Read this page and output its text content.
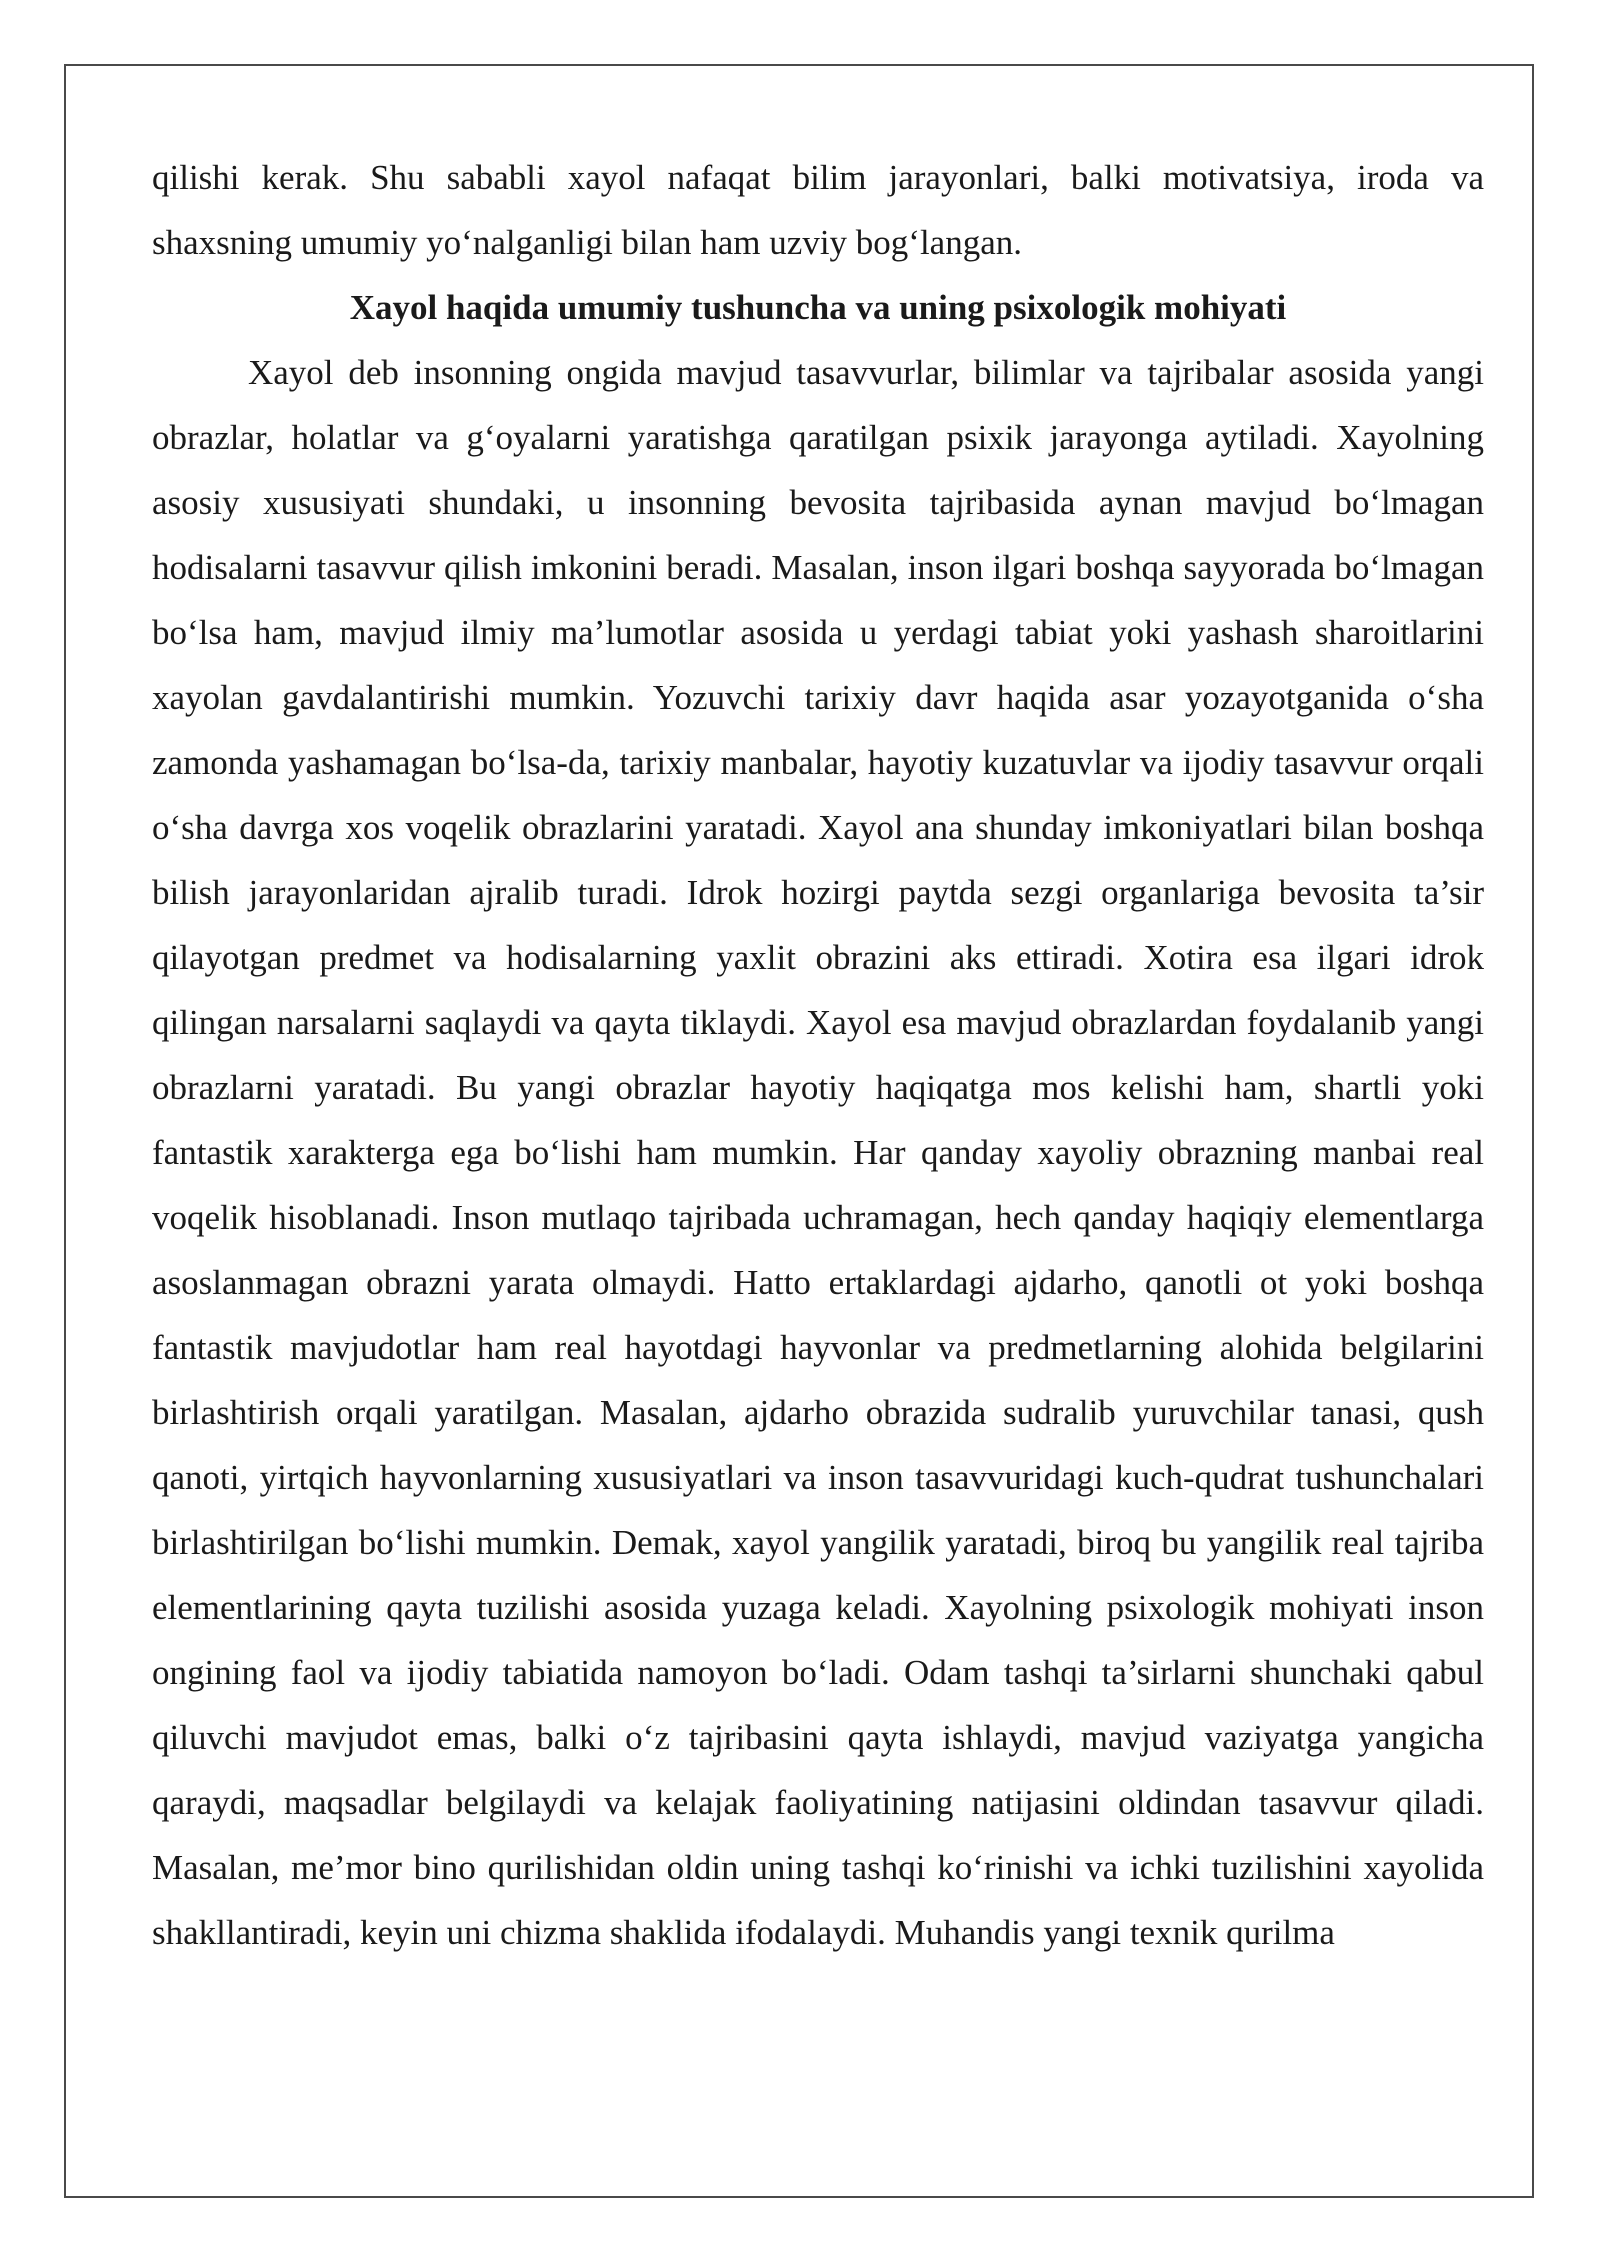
qilishi kerak. Shu sababli xayol nafaqat bilim jarayonlari, balki motivatsiya, iroda va shaxsning umumiy yo‘nalganligi bilan ham uzviy bog‘langan.

Xayol haqida umumiy tushuncha va uning psixologik mohiyati

Xayol deb insonning ongida mavjud tasavvurlar, bilimlar va tajribalar asosida yangi obrazlar, holatlar va g‘oyalarni yaratishga qaratilgan psixik jarayonga aytiladi. Xayolning asosiy xususiyati shundaki, u insonning bevosita tajribasida aynan mavjud bo‘lmagan hodisalarni tasavvur qilish imkonini beradi. Masalan, inson ilgari boshqa sayyorada bo‘lmagan bo‘lsa ham, mavjud ilmiy ma’lumotlar asosida u yerdagi tabiat yoki yashash sharoitlarini xayolan gavdalantirishi mumkin. Yozuvchi tarixiy davr haqida asar yozayotganida o‘sha zamonda yashamagan bo‘lsa-da, tarixiy manbalar, hayotiy kuzatuvlar va ijodiy tasavvur orqali o‘sha davrga xos voqelik obrazlarini yaratadi. Xayol ana shunday imkoniyatlari bilan boshqa bilish jarayonlaridan ajralib turadi. Idrok hozirgi paytda sezgi organlariga bevosita ta’sir qilayotgan predmet va hodisalarning yaxlit obrazini aks ettiradi. Xotira esa ilgari idrok qilingan narsalarni saqlaydi va qayta tiklaydi. Xayol esa mavjud obrazlardan foydalanib yangi obrazlarni yaratadi. Bu yangi obrazlar hayotiy haqiqatga mos kelishi ham, shartli yoki fantastik xarakterga ega bo‘lishi ham mumkin. Har qanday xayoliy obrazning manbai real voqelik hisoblanadi. Inson mutlaqo tajribada uchramagan, hech qanday haqiqiy elementlarga asoslanmagan obrazni yarata olmaydi. Hatto ertaklardagi ajdarho, qanotli ot yoki boshqa fantastik mavjudotlar ham real hayotdagi hayvonlar va predmetlarning alohida belgilarini birlashtirish orqali yaratilgan. Masalan, ajdarho obrazida sudralib yuruvchilar tanasi, qush qanoti, yirtqich hayvonlarning xususiyatlari va inson tasavvuridagi kuch-qudrat tushunchalari birlashtirilgan bo‘lishi mumkin. Demak, xayol yangilik yaratadi, biroq bu yangilik real tajriba elementlarining qayta tuzilishi asosida yuzaga keladi. Xayolning psixologik mohiyati inson ongining faol va ijodiy tabiatida namoyon bo‘ladi. Odam tashqi ta’sirlarni shunchaki qabul qiluvchi mavjudot emas, balki o‘z tajribasini qayta ishlaydi, mavjud vaziyatga yangicha qaraydi, maqsadlar belgilaydi va kelajak faoliyatining natijasini oldindan tasavvur qiladi. Masalan, me’mor bino qurilishidan oldin uning tashqi ko‘rinishi va ichki tuzilishini xayolida shakllantiradi, keyin uni chizma shaklida ifodalaydi. Muhandis yangi texnik qurilma
